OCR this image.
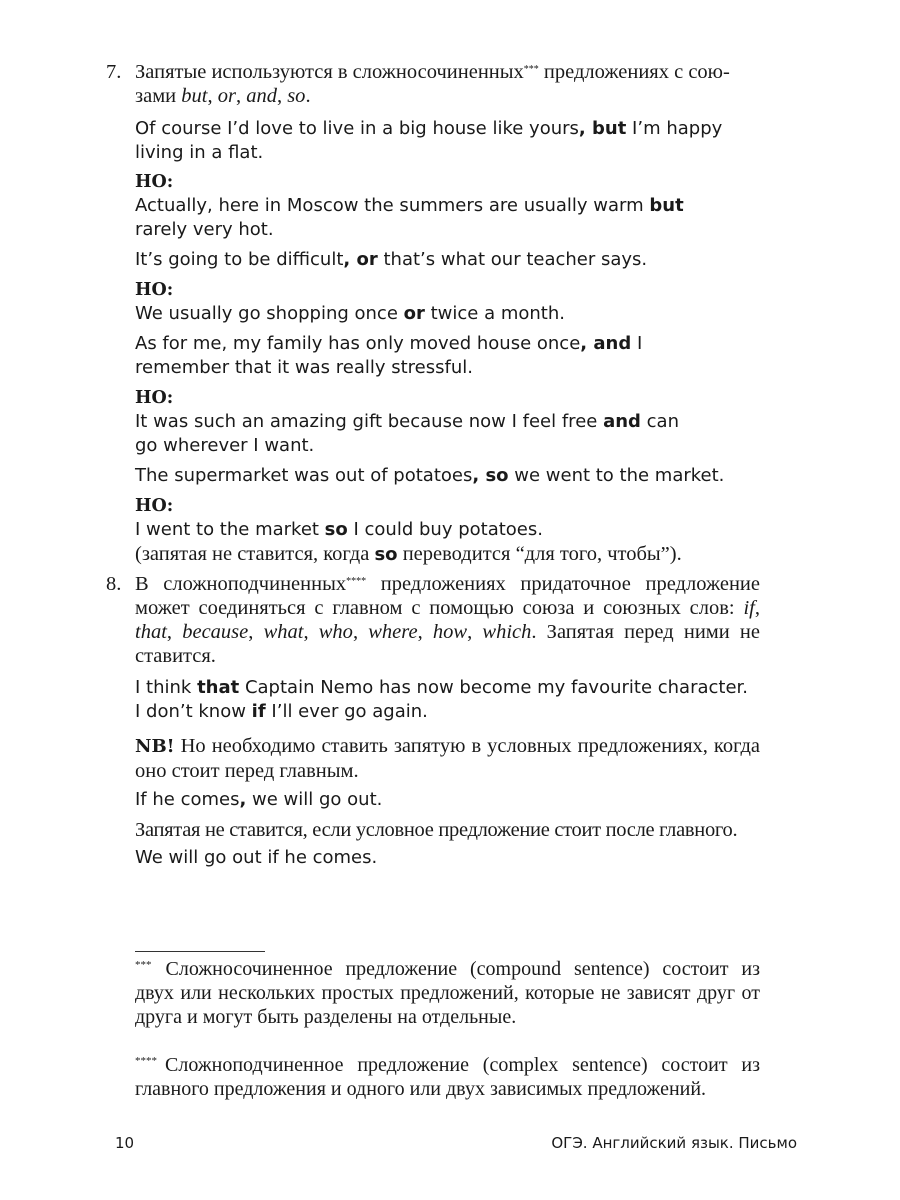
7. Запятые используются в сложносочиненных*** предложениях с сою-
зами but, or, and, so.
Of course I’d love to live in a big house like yours, but I’m happy living in a flat.
НО:
Actually, here in Moscow the summers are usually warm but rarely very hot.
It’s going to be difficult, or that’s what our teacher says.
НО:
We usually go shopping once or twice a month.
As for me, my family has only moved house once, and I remember that it was really stressful.
НО:
It was such an amazing gift because now I feel free and can go wherever I want.
The supermarket was out of potatoes, so we went to the market.
НО:
I went to the market so I could buy potatoes.
(запятая не ставится, когда so переводится “для того, чтобы”).
8. В сложноподчиненных**** предложениях придаточное предложение может соединяться с главном с помощью союза и союзных слов: if, that, because, what, who, where, how, which. Запятая перед ними не ставится.
I think that Captain Nemo has now become my favourite character.
I don’t know if I’ll ever go again.
NB! Но необходимо ставить запятую в условных предложениях, когда оно стоит перед главным.
If he comes, we will go out.
Запятая не ставится, если условное предложение стоит после главного.
We will go out if he comes.
*** Сложносочиненное предложение (compound sentence) состоит из двух или нескольких простых предложений, которые не зависят друг от друга и могут быть разделены на отдельные.
**** Сложноподчиненное предложение (complex sentence) состоит из главного предложения и одного или двух зависимых предложений.
10	ОГЭ. Английский язык. Письмо
